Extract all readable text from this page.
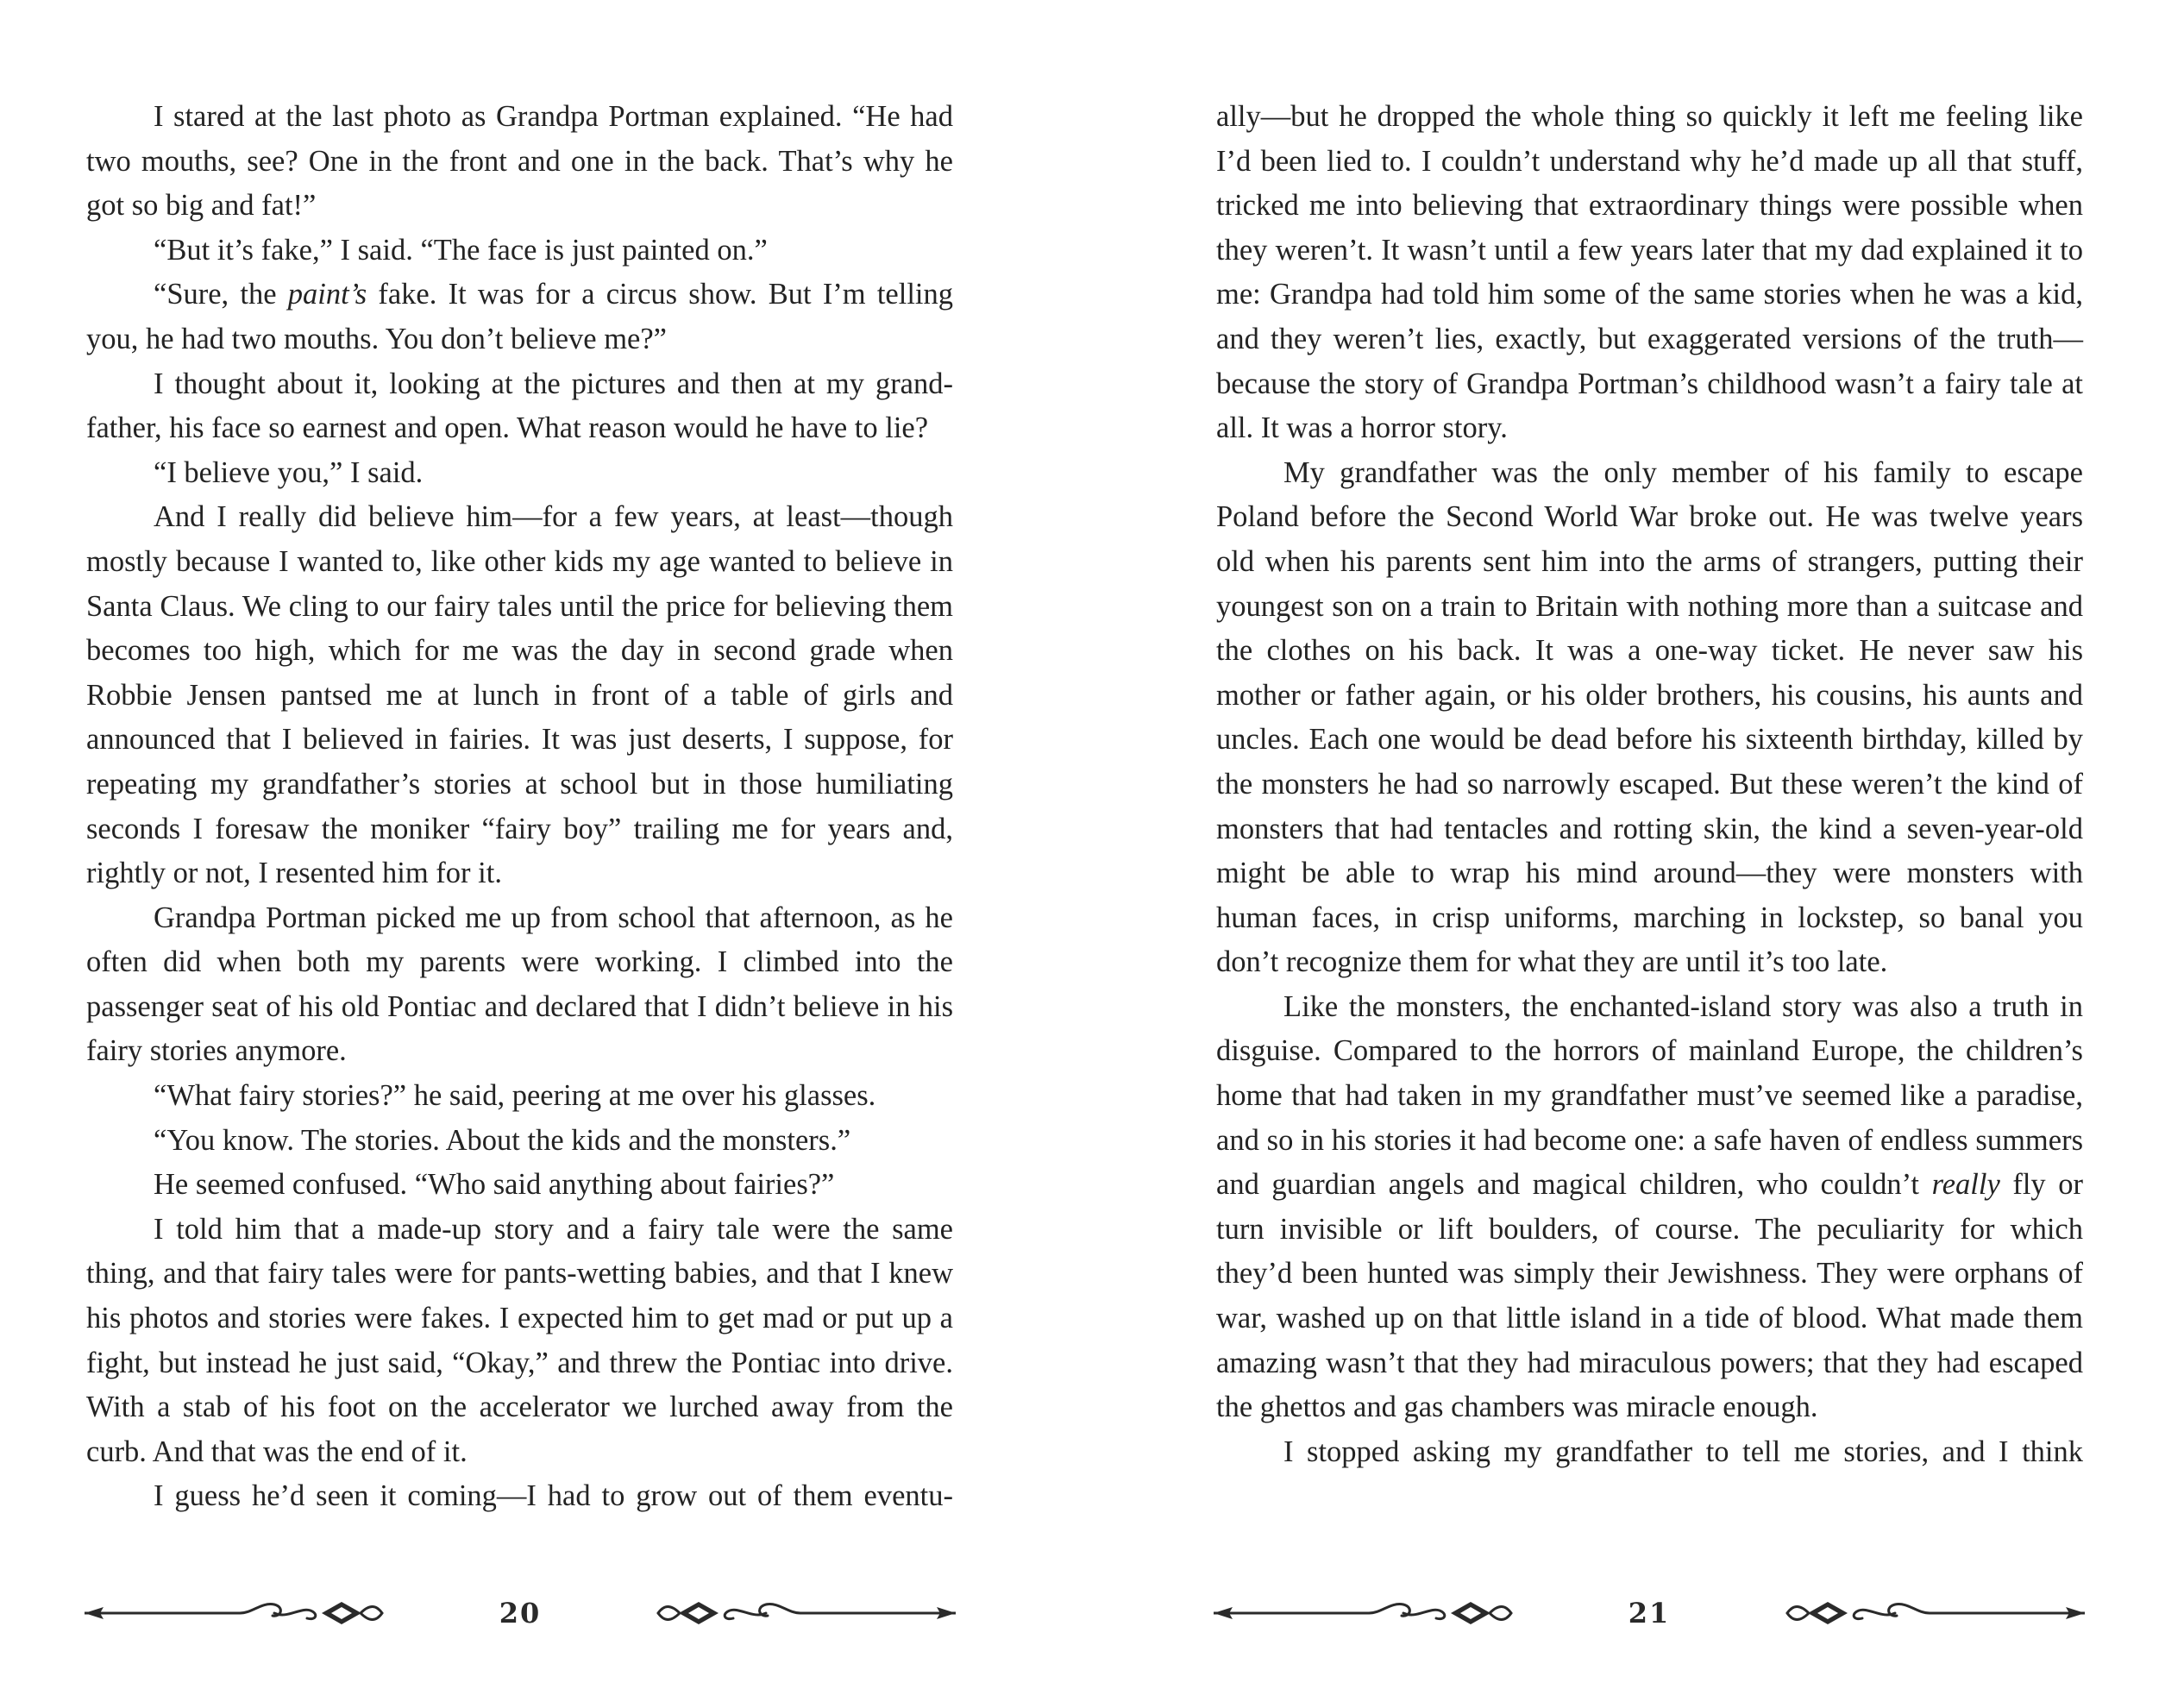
I stared at the last photo as Grandpa Portman explained. “He had two mouths, see? One in the front and one in the back. That’s why he got so big and fat!”

“But it’s fake,” I said. “The face is just painted on.”

“Sure, the paint’s fake. It was for a circus show. But I’m telling you, he had two mouths. You don’t believe me?”

I thought about it, looking at the pictures and then at my grandfather, his face so earnest and open. What reason would he have to lie?

“I believe you,” I said.

And I really did believe him—for a few years, at least—though mostly because I wanted to, like other kids my age wanted to believe in Santa Claus. We cling to our fairy tales until the price for believing them becomes too high, which for me was the day in second grade when Robbie Jensen pantsed me at lunch in front of a table of girls and announced that I believed in fairies. It was just deserts, I suppose, for repeating my grandfather’s stories at school but in those humiliating seconds I foresaw the moniker “fairy boy” trailing me for years and, rightly or not, I resented him for it.

Grandpa Portman picked me up from school that afternoon, as he often did when both my parents were working. I climbed into the passenger seat of his old Pontiac and declared that I didn’t believe in his fairy stories anymore.

“What fairy stories?” he said, peering at me over his glasses.

“You know. The stories. About the kids and the monsters.”

He seemed confused. “Who said anything about fairies?”

I told him that a made-up story and a fairy tale were the same thing, and that fairy tales were for pants-wetting babies, and that I knew his photos and stories were fakes. I expected him to get mad or put up a fight, but instead he just said, “Okay,” and threw the Pontiac into drive. With a stab of his foot on the accelerator we lurched away from the curb. And that was the end of it.

I guess he’d seen it coming—I had to grow out of them eventu-

20

ally—but he dropped the whole thing so quickly it left me feeling like I’d been lied to. I couldn’t understand why he’d made up all that stuff, tricked me into believing that extraordinary things were possible when they weren’t. It wasn’t until a few years later that my dad explained it to me: Grandpa had told him some of the same stories when he was a kid, and they weren’t lies, exactly, but exaggerated versions of the truth—because the story of Grandpa Portman’s childhood wasn’t a fairy tale at all. It was a horror story.

My grandfather was the only member of his family to escape Poland before the Second World War broke out. He was twelve years old when his parents sent him into the arms of strangers, putting their youngest son on a train to Britain with nothing more than a suitcase and the clothes on his back. It was a one-way ticket. He never saw his mother or father again, or his older brothers, his cousins, his aunts and uncles. Each one would be dead before his sixteenth birthday, killed by the monsters he had so narrowly escaped. But these weren’t the kind of monsters that had tentacles and rotting skin, the kind a seven-year-old might be able to wrap his mind around—they were monsters with human faces, in crisp uniforms, marching in lockstep, so banal you don’t recognize them for what they are until it’s too late.

Like the monsters, the enchanted-island story was also a truth in disguise. Compared to the horrors of mainland Europe, the children’s home that had taken in my grandfather must’ve seemed like a paradise, and so in his stories it had become one: a safe haven of endless summers and guardian angels and magical children, who couldn’t really fly or turn invisible or lift boulders, of course. The peculiarity for which they’d been hunted was simply their Jewishness. They were orphans of war, washed up on that little island in a tide of blood. What made them amazing wasn’t that they had miraculous powers; that they had escaped the ghettos and gas chambers was miracle enough.

I stopped asking my grandfather to tell me stories, and I think

21
